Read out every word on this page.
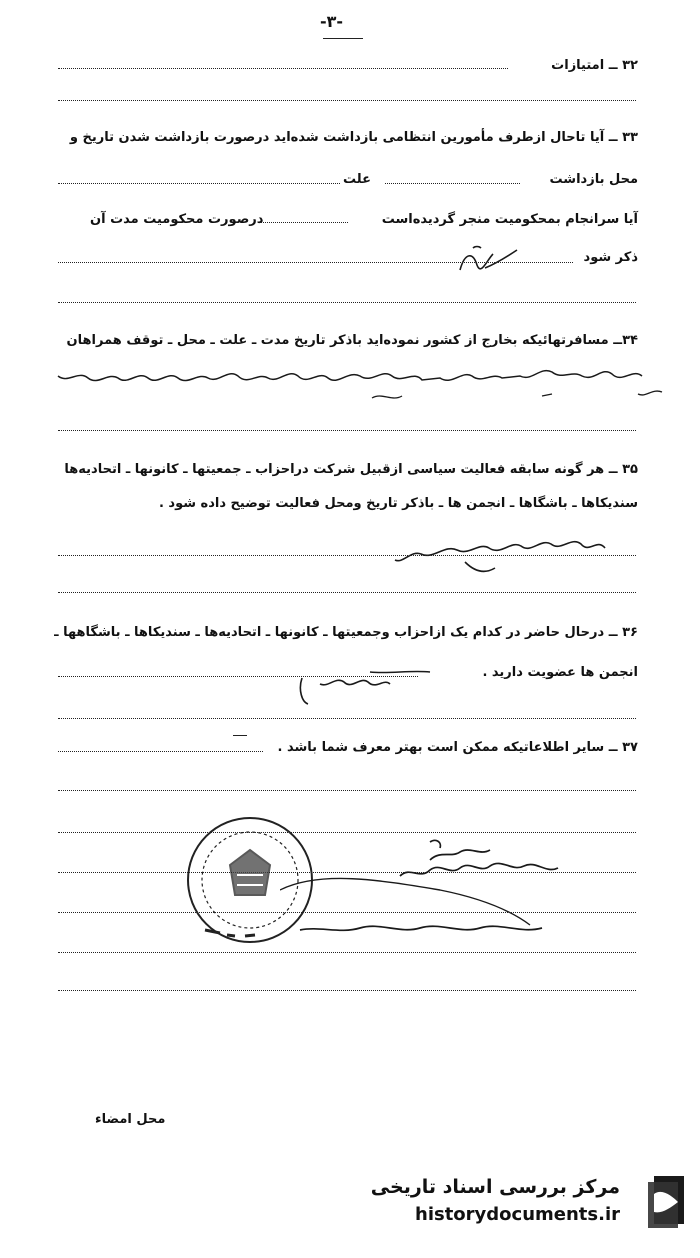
-۳-
۳۲ ــ امتیازات
۳۳ ــ آیا تاحال ازطرف مأمورین انتظامی بازداشت شده‌اید درصورت بازداشت شدن تاریخ و
محل بازداشت
علت
آیا سرانجام بمحکومیت منجر گردیده‌است
درصورت محکومیت مدت آن
ذکر شود
۳۴ــ مسافرتهائیکه بخارج از کشور نموده‌اید باذکر تاریخ مدت ـ علت ـ محل ـ توقف همراهان
۳۵ ــ هر گونه سابقه فعالیت سیاسی ازقبیل شرکت دراحزاب ـ جمعیتها ـ کانونها ـ اتحادیه‌ها
سندیکاها ـ باشگاها ـ انجمن ها ـ باذکر تاریخ ومحل فعالیت توضیح داده شود .
۳۶ ــ درحال حاضر در کدام یک ازاحزاب وجمعیتها ـ کانونها ـ اتحادیه‌ها ـ سندیکاها ـ باشگاهها ـ
انجمن ها عضویت دارید .
۳۷ ــ سایر اطلاعاتیکه ممکن است بهتر معرف شما باشد .
محل امضاء
مرکز بررسی اسناد تاریخی
historydocuments.ir
